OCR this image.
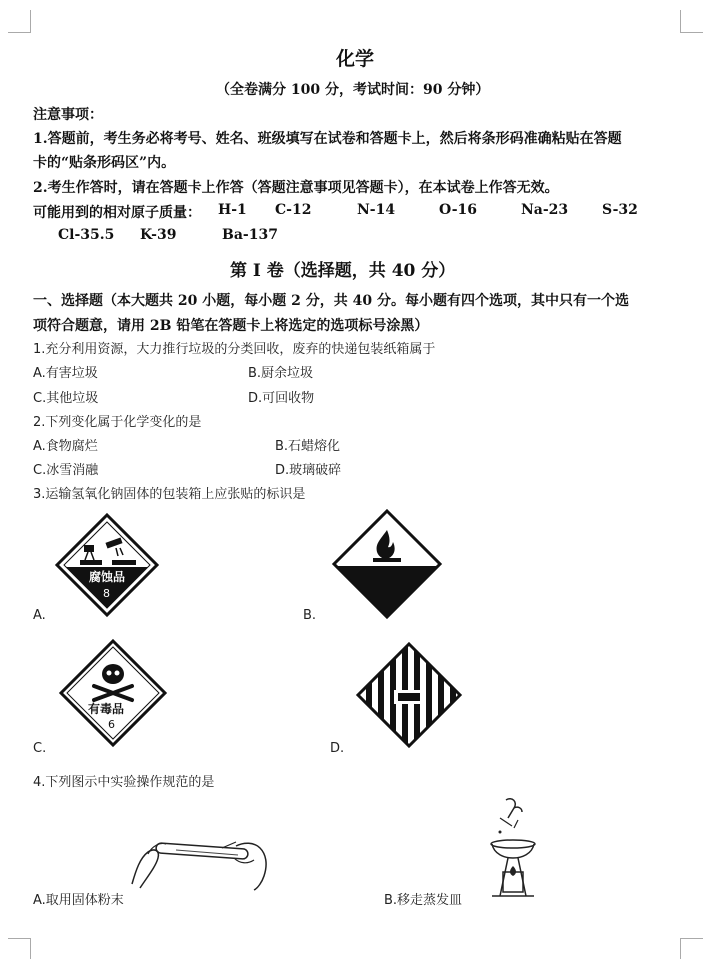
化学
（全卷满分 100 分，考试时间：90 分钟）
注意事项：
1.答题前，考生务必将考号、姓名、班级填写在试卷和答题卡上，然后将条形码准确粘贴在答题
卡的“贴条形码区”内。
2.考生作答时，请在答题卡上作答（答题注意事项见答题卡），在本试卷上作答无效。
可能用到的相对原子质量： H-1 C-12	N-14	O-16	Na-23 S-32
Cl-35.5 K-39	Ba-137
第 I 卷（选择题，共 40 分）
一、选择题（本大题共 20 小题，每小题 2 分，共 40 分。每小题有四个选项，其中只有一个选
项符合题意，请用 2B 铅笔在答题卡上将选定的选项标号涂黑）
1.充分利用资源，大力推行垃圾的分类回收，废弃的快递包装纸箱属于
A.有害垃圾	B.厨余垃圾
C.其他垃圾	D.可回收物
2.下列变化属于化学变化的是
A.食物腐烂	B.石蜡熔化
C.冰雪消融	D.玻璃破碎
3.运输氢氧化钠固体的包装箱上应张贴的标识是
腐蚀品
8
A.	B.
有毒品
6
C.	D.
4.下列图示中实验操作规范的是
A.取用固体粉末	B.移走蒸发皿
